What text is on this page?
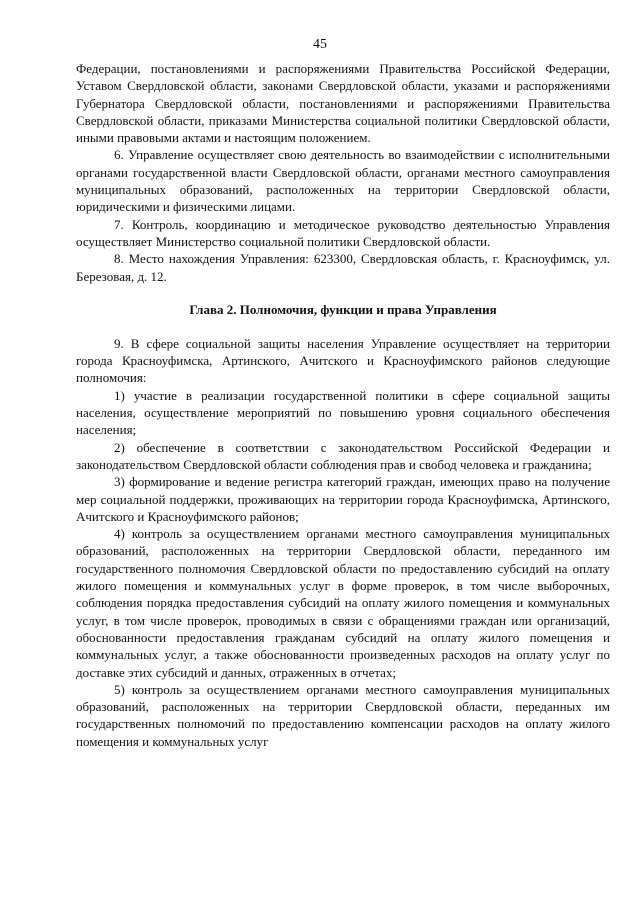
45

Федерации, постановлениями и распоряжениями Правительства Российской Федерации, Уставом Свердловской области, законами Свердловской области, указами и распоряжениями Губернатора Свердловской области, постановлениями и распоряжениями Правительства Свердловской области, приказами Министерства социальной политики Свердловской области, иными правовыми актами и настоящим положением.

6. Управление осуществляет свою деятельность во взаимодействии с исполнительными органами государственной власти Свердловской области, органами местного самоуправления муниципальных образований, расположенных на территории Свердловской области, юридическими и физическими лицами.

7. Контроль, координацию и методическое руководство деятельностью Управления осуществляет Министерство социальной политики Свердловской области.

8. Место нахождения Управления: 623300, Свердловская область, г. Красноуфимск, ул. Березовая, д. 12.

Глава 2. Полномочия, функции и права Управления

9. В сфере социальной защиты населения Управление осуществляет на территории города Красноуфимска, Артинского, Ачитского и Красноуфимского районов следующие полномочия:

1) участие в реализации государственной политики в сфере социальной защиты населения, осуществление мероприятий по повышению уровня социального обеспечения населения;

2) обеспечение в соответствии с законодательством Российской Федерации и законодательством Свердловской области соблюдения прав и свобод человека и гражданина;

3) формирование и ведение регистра категорий граждан, имеющих право на получение мер социальной поддержки, проживающих на территории города Красноуфимска, Артинского, Ачитского и Красноуфимского районов;

4) контроль за осуществлением органами местного самоуправления муниципальных образований, расположенных на территории Свердловской области, переданного им государственного полномочия Свердловской области по предоставлению субсидий на оплату жилого помещения и коммунальных услуг в форме проверок, в том числе выборочных, соблюдения порядка предоставления субсидий на оплату жилого помещения и коммунальных услуг, в том числе проверок, проводимых в связи с обращениями граждан или организаций, обоснованности предоставления гражданам субсидий на оплату жилого помещения и коммунальных услуг, а также обоснованности произведенных расходов на оплату услуг по доставке этих субсидий и данных, отраженных в отчетах;

5) контроль за осуществлением органами местного самоуправления муниципальных образований, расположенных на территории Свердловской области, переданных им государственных полномочий по предоставлению компенсации расходов на оплату жилого помещения и коммунальных услуг
